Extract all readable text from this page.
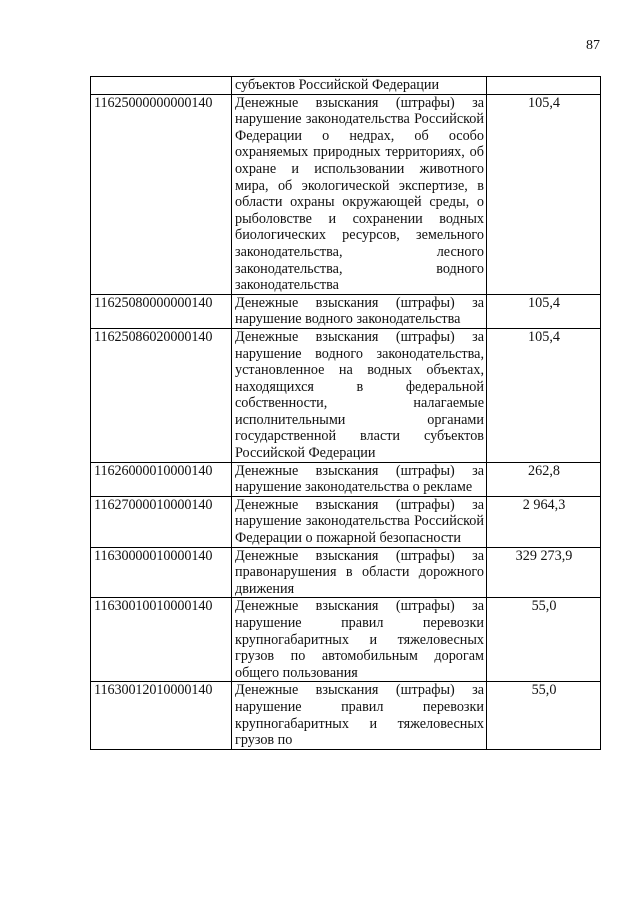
87
	субъектов Российской Федерации	
11625000000000140	Денежные взыскания (штрафы) за нарушение законодательства Российской Федерации о недрах, об особо охраняемых природных территориях, об охране и использовании животного мира, об экологической экспертизе, в области охраны окружающей среды, о рыболовстве и сохранении водных биологических ресурсов, земельного законодательства, лесного законодательства, водного законодательства	105,4
11625080000000140	Денежные взыскания (штрафы) за нарушение водного законодательства	105,4
11625086020000140	Денежные взыскания (штрафы) за нарушение водного законодательства, установленное на водных объектах, находящихся в федеральной собственности, налагаемые исполнительными органами государственной власти субъектов Российской Федерации	105,4
11626000010000140	Денежные взыскания (штрафы) за нарушение законодательства о рекламе	262,8
11627000010000140	Денежные взыскания (штрафы) за нарушение законодательства Российской Федерации о пожарной безопасности	2 964,3
11630000010000140	Денежные взыскания (штрафы) за правонарушения в области дорожного движения	329 273,9
11630010010000140	Денежные взыскания (штрафы) за нарушение правил перевозки крупногабаритных и тяжеловесных грузов по автомобильным дорогам общего пользования	55,0
11630012010000140	Денежные взыскания (штрафы) за нарушение правил перевозки крупногабаритных и тяжеловесных грузов по	55,0
